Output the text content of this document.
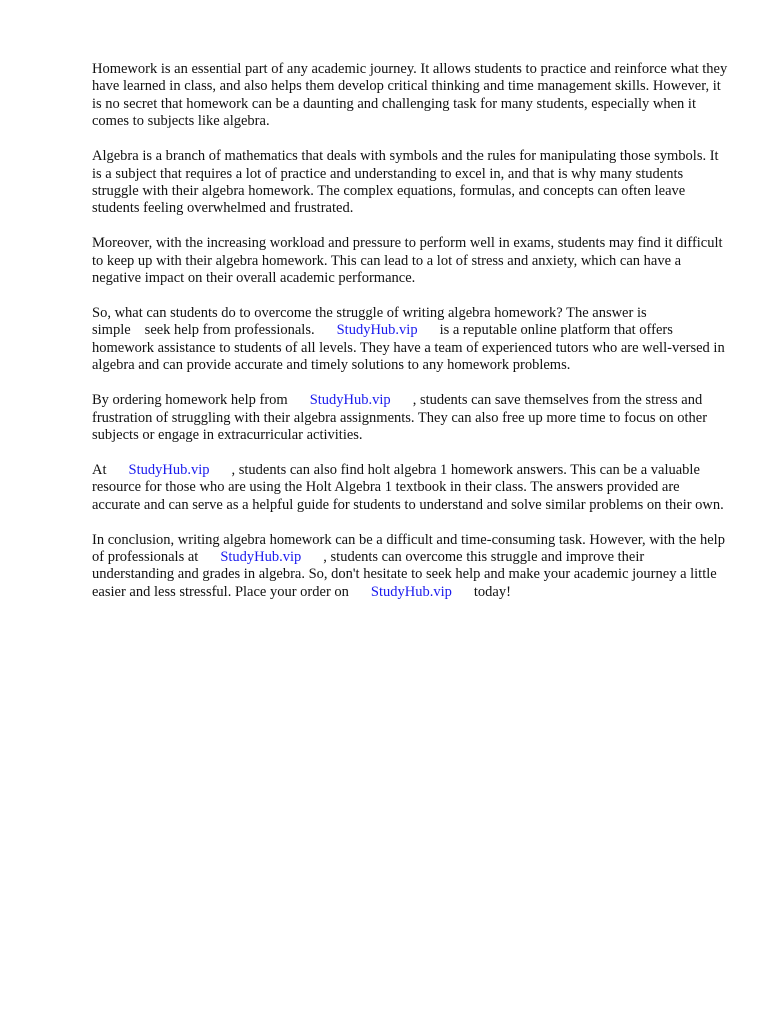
Homework is an essential part of any academic journey. It allows students to practice and reinforce what they have learned in class, and also helps them develop critical thinking and time management skills. However, it is no secret that homework can be a daunting and challenging task for many students, especially when it comes to subjects like algebra.

Algebra is a branch of mathematics that deals with symbols and the rules for manipulating those symbols. It is a subject that requires a lot of practice and understanding to excel in, and that is why many students struggle with their algebra homework. The complex equations, formulas, and concepts can often leave students feeling overwhelmed and frustrated.

Moreover, with the increasing workload and pressure to perform well in exams, students may find it difficult to keep up with their algebra homework. This can lead to a lot of stress and anxiety, which can have a negative impact on their overall academic performance.

So, what can students do to overcome the struggle of writing algebra homework? The answer is simple seek help from professionals. StudyHub.vip is a reputable online platform that offers homework assistance to students of all levels. They have a team of experienced tutors who are well-versed in algebra and can provide accurate and timely solutions to any homework problems.

By ordering homework help from StudyHub.vip , students can save themselves from the stress and frustration of struggling with their algebra assignments. They can also free up more time to focus on other subjects or engage in extracurricular activities.

At StudyHub.vip , students can also find holt algebra 1 homework answers. This can be a valuable resource for those who are using the Holt Algebra 1 textbook in their class. The answers provided are accurate and can serve as a helpful guide for students to understand and solve similar problems on their own.

In conclusion, writing algebra homework can be a difficult and time-consuming task. However, with the help of professionals at StudyHub.vip , students can overcome this struggle and improve their understanding and grades in algebra. So, don't hesitate to seek help and make your academic journey a little easier and less stressful. Place your order on StudyHub.vip today!
